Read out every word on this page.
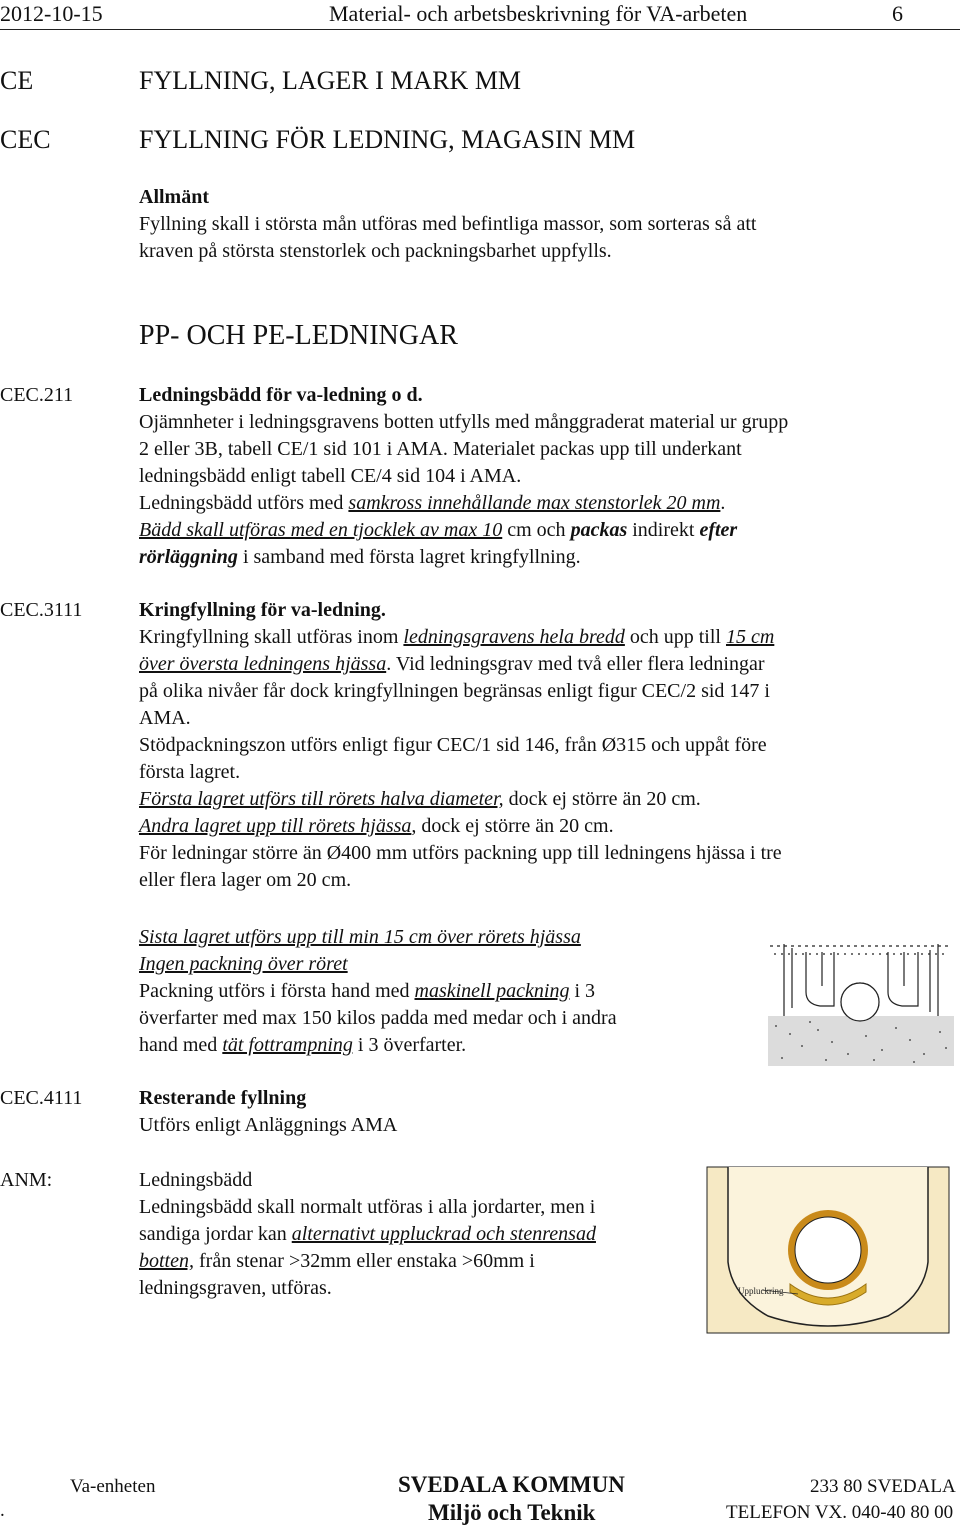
2012-10-15	Material- och arbetsbeskrivning för VA-arbeten	6
CE	FYLLNING, LAGER I MARK MM
CEC	FYLLNING FÖR LEDNING, MAGASIN MM
Allmänt
Fyllning skall i största mån utföras med befintliga massor, som sorteras så att
kraven på största stenstorlek och packningsbarhet uppfylls.
PP- OCH PE-LEDNINGAR
CEC.211	Ledningsbädd för va-ledning o d.
Ojämnheter i ledningsgravens botten utfylls med månggraderat material ur grupp
2 eller 3B, tabell CE/1 sid 101 i AMA. Materialet packas upp till underkant
ledningsbädd enligt tabell CE/4 sid 104 i AMA.
Ledningsbädd utförs med samkross innehållande max stenstorlek 20 mm.
Bädd skall utföras med en tjocklek av max 10 cm och packas indirekt efter
rörläggning i samband med första lagret kringfyllning.
CEC.3111	Kringfyllning för va-ledning.
Kringfyllning skall utföras inom ledningsgravens hela bredd och upp till 15 cm
över översta ledningens hjässa. Vid ledningsgrav med två eller flera ledningar
på olika nivåer får dock kringfyllningen begränsas enligt figur CEC/2 sid 147 i
AMA.
Stödpackningszon utförs enligt figur CEC/1 sid 146, från Ø315 och uppåt före
första lagret.
Första lagret utförs till rörets halva diameter, dock ej större än 20 cm.
Andra lagret upp till rörets hjässa, dock ej större än 20 cm.
För ledningar större än Ø400 mm utförs packning upp till ledningens hjässa i tre
eller flera lager om 20 cm.
Sista lagret utförs upp till min 15 cm över rörets hjässa
Ingen packning över röret
Packning utförs i första hand med maskinell packning i 3
överfarter med max 150 kilos padda med medar och i andra
hand med tät fottrampning i 3 överfarter.
CEC.4111	Resterande fyllning
Utförs enligt Anläggnings AMA
ANM:	Ledningsbädd
Ledningsbädd skall normalt utföras i alla jordarter, men i
sandiga jordar kan alternativt uppluckrad och stenrensad
botten, från stenar >32mm eller enstaka >60mm i
ledningsgraven, utföras.	Uppluckring
Va-enheten
.
SVEDALA KOMMUN
Miljö och Teknik
233 80 SVEDALA
TELEFON VX. 040-40 80 00
